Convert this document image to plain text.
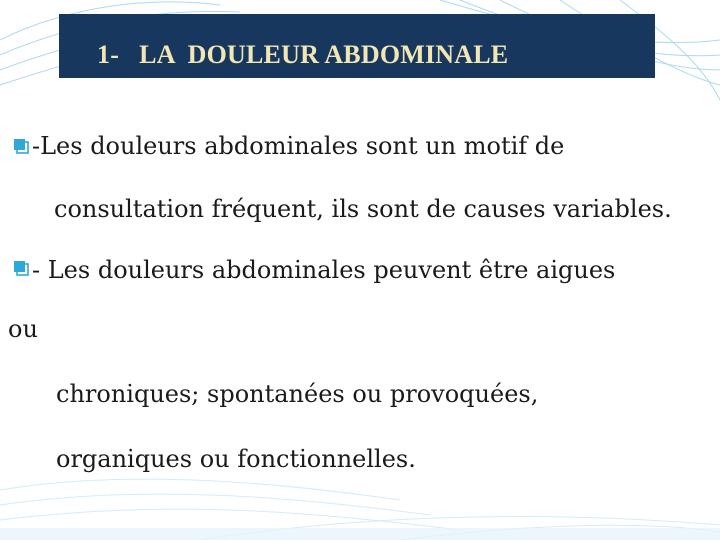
1-   LA  DOULEUR ABDOMINALE
-Les douleurs abdominales sont un motif de
consultation fréquent, ils sont de causes variables.
- Les douleurs abdominales peuvent être aigues
ou
chroniques; spontanées ou provoquées,
organiques ou fonctionnelles.
